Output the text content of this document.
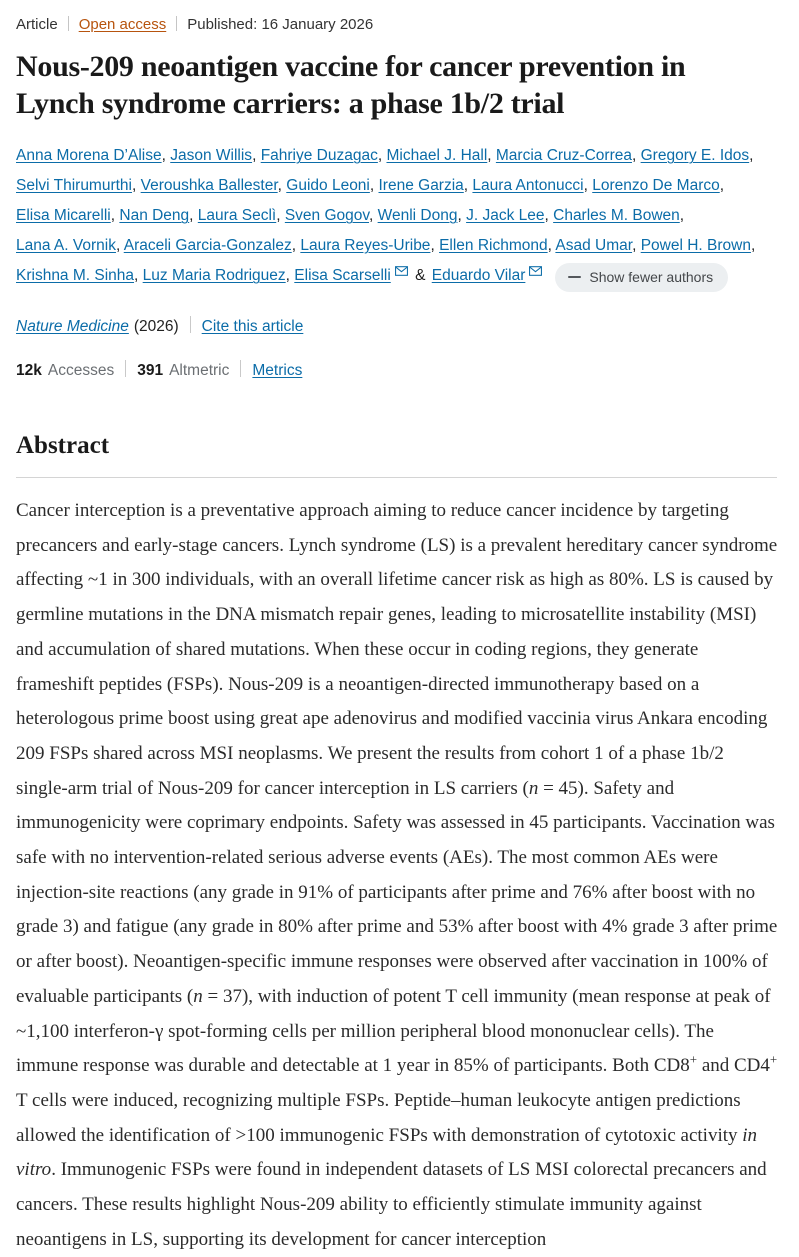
Article Open access Published: 16 January 2026
Nous-209 neoantigen vaccine for cancer prevention in Lynch syndrome carriers: a phase 1b/2 trial
Anna Morena D’Alise, Jason Willis, Fahriye Duzagac, Michael J. Hall, Marcia Cruz-Correa, Gregory E. Idos, Selvi Thirumurthi, Veroushka Ballester, Guido Leoni, Irene Garzia, Laura Antonucci, Lorenzo De Marco, Elisa Micarelli, Nan Deng, Laura Seclì, Sven Gogov, Wenli Dong, J. Jack Lee, Charles M. Bowen, Lana A. Vornik, Araceli Garcia-Gonzalez, Laura Reyes-Uribe, Ellen Richmond, Asad Umar, Powel H. Brown, Krishna M. Sinha, Luz Maria Rodriguez, Elisa Scarselli
& Eduardo Vilar	Show fewer authors
Nature Medicine (2026) Cite this article
12k Accesses 391 Altmetric Metrics
Abstract

Cancer interception is a preventative approach aiming to reduce cancer incidence by targeting precancers and early-stage cancers. Lynch syndrome (LS) is a prevalent hereditary cancer syndrome affecting ~1 in 300 individuals, with an overall lifetime cancer risk as high as 80%. LS is caused by germline mutations in the DNA mismatch repair genes, leading to microsatellite instability (MSI) and accumulation of shared mutations. When these occur in coding regions, they generate frameshift peptides (FSPs). Nous-209 is a neoantigen-directed immunotherapy based on a heterologous prime boost using great ape adenovirus and modified vaccinia virus Ankara encoding 209 FSPs shared across MSI neoplasms. We present the results from cohort 1 of a phase 1b/2 single-arm trial of Nous-209 for cancer interception in LS carriers (n = 45). Safety and immunogenicity were coprimary endpoints. Safety was assessed in 45 participants. Vaccination was safe with no intervention-related serious adverse events (AEs). The most common AEs were injection-site reactions (any grade in 91% of participants after prime and 76% after boost with no grade 3) and fatigue (any grade in 80% after prime and 53% after boost with 4% grade 3 after prime or after boost). Neoantigen-specific immune responses were observed after vaccination in 100% of evaluable participants (n = 37), with induction of potent T cell immunity (mean response at peak of ~1,100 interferon-γ spot-forming cells per million peripheral blood mononuclear cells). The immune response was durable and detectable at 1 year in 85% of participants. Both CD8+ and CD4+ T cells were induced, recognizing multiple FSPs. Peptide–human leukocyte antigen predictions allowed the identification of >100 immunogenic FSPs with demonstration of cytotoxic activity in vitro. Immunogenic FSPs were found in independent datasets of LS MSI colorectal precancers and cancers. These results highlight Nous-209 ability to efficiently stimulate immunity against neoantigens in LS, supporting its development for cancer interception
